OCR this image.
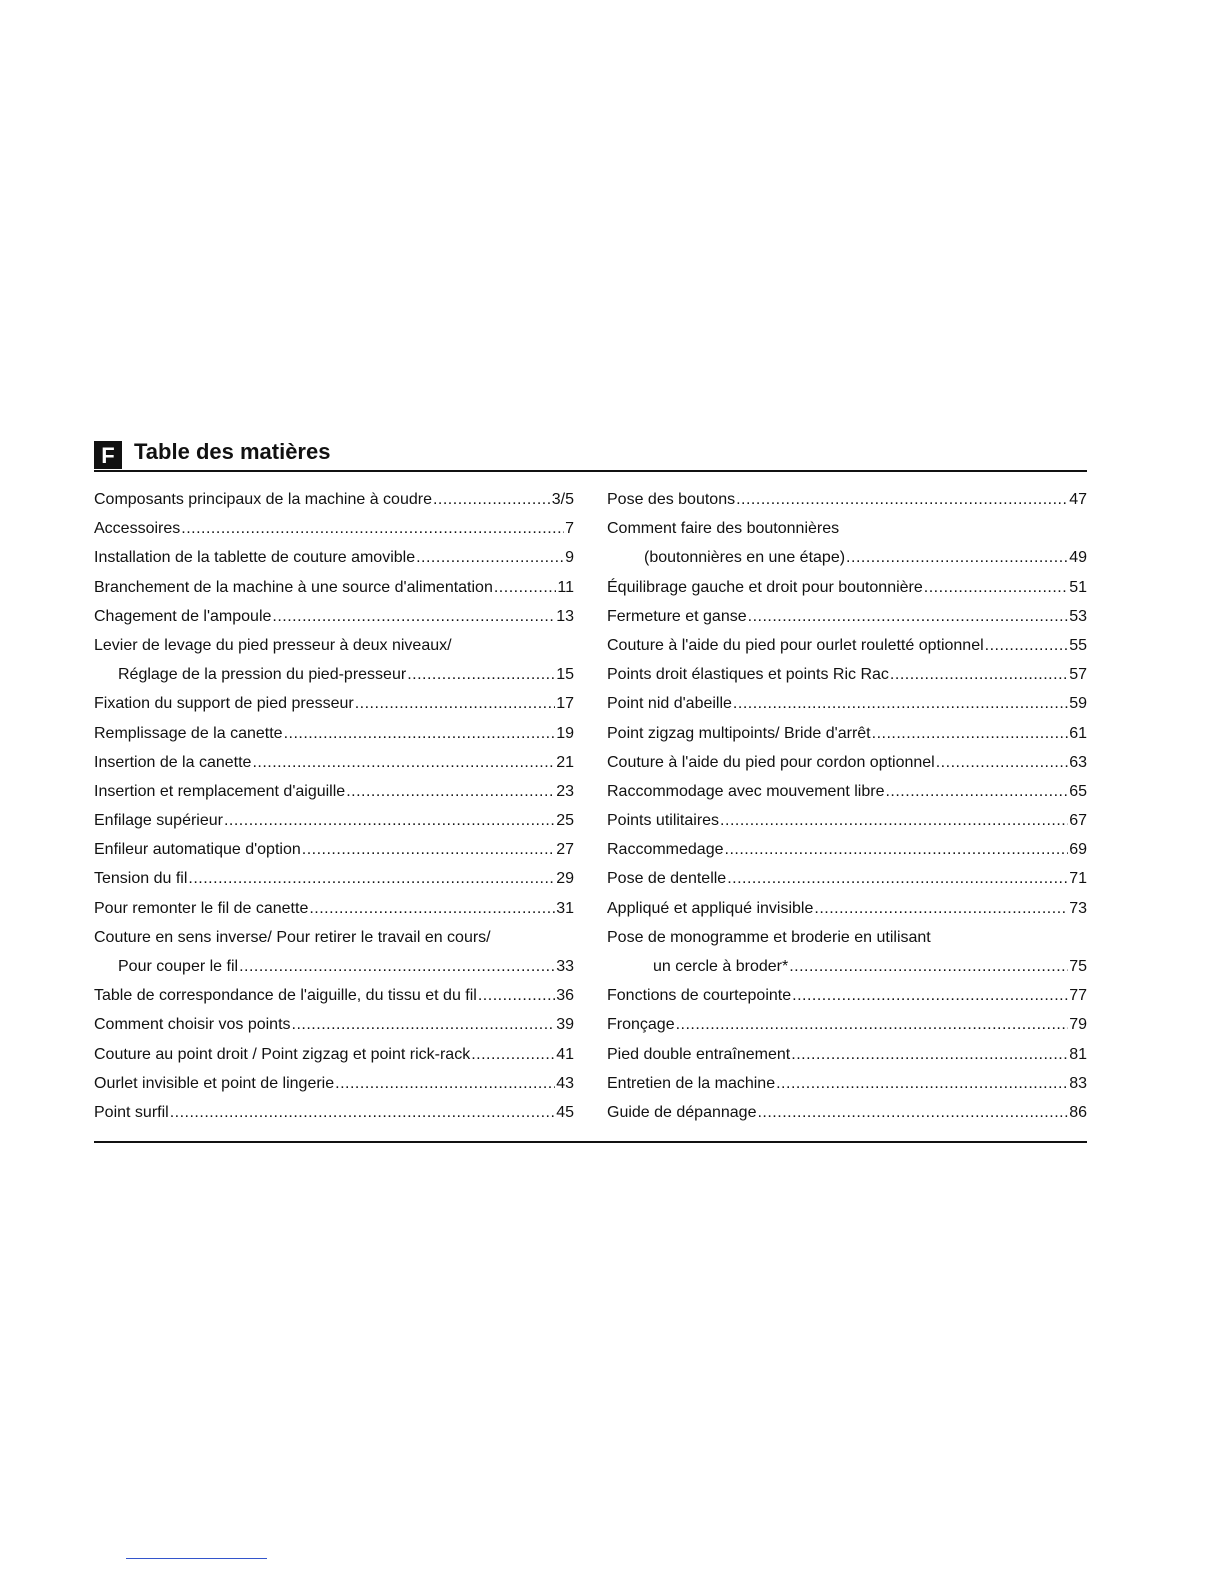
F Table des matières
Composants principaux de la machine à coudre .....	3/5
Accessoires .....	7
Installation de la tablette de couture amovible .....	9
Branchement de la machine à une source d'alimentation .....	11
Chagement de l'ampoule .....	13
Levier de levage du pied presseur à deux niveaux/
Réglage de la pression du pied-presseur .....	15
Fixation du support de pied presseur .....	17
Remplissage de la canette .....	19
Insertion de la canette .....	21
Insertion et remplacement d'aiguille .....	23
Enfilage supérieur .....	25
Enfileur automatique d'option .....	27
Tension du fil .....	29
Pour remonter le fil de canette .....	31
Couture en sens inverse/ Pour retirer le travail en cours/
Pour couper le fil .....	33
Table de correspondance de l'aiguille, du tissu et du fil .....	36
Comment choisir vos points .....	39
Couture au point droit / Point zigzag et point rick-rack .....	41
Ourlet invisible et point de lingerie .....	43
Point surfil .....	45
Pose des boutons .....	47
Comment faire des boutonnières
(boutonnières en une étape) .....	49
Équilibrage gauche et droit pour boutonnière .....	51
Fermeture et ganse .....	53
Couture à l'aide du pied pour ourlet rouletté optionnel .....	55
Points droit élastiques et points Ric Rac .....	57
Point nid d'abeille .....	59
Point zigzag multipoints/ Bride d'arrêt .....	61
Couture à l'aide du pied pour cordon optionnel .....	63
Raccommodage avec mouvement libre .....	65
Points utilitaires .....	67
Raccommedage .....	69
Pose de dentelle .....	71
Appliqué et appliqué invisible .....	73
Pose de monogramme et broderie en utilisant
un cercle à broder* .....	75
Fonctions de courtepointe .....	77
Fronçage .....	79
Pied double entraînement .....	81
Entretien de la machine .....	83
Guide de dépannage .....	86
